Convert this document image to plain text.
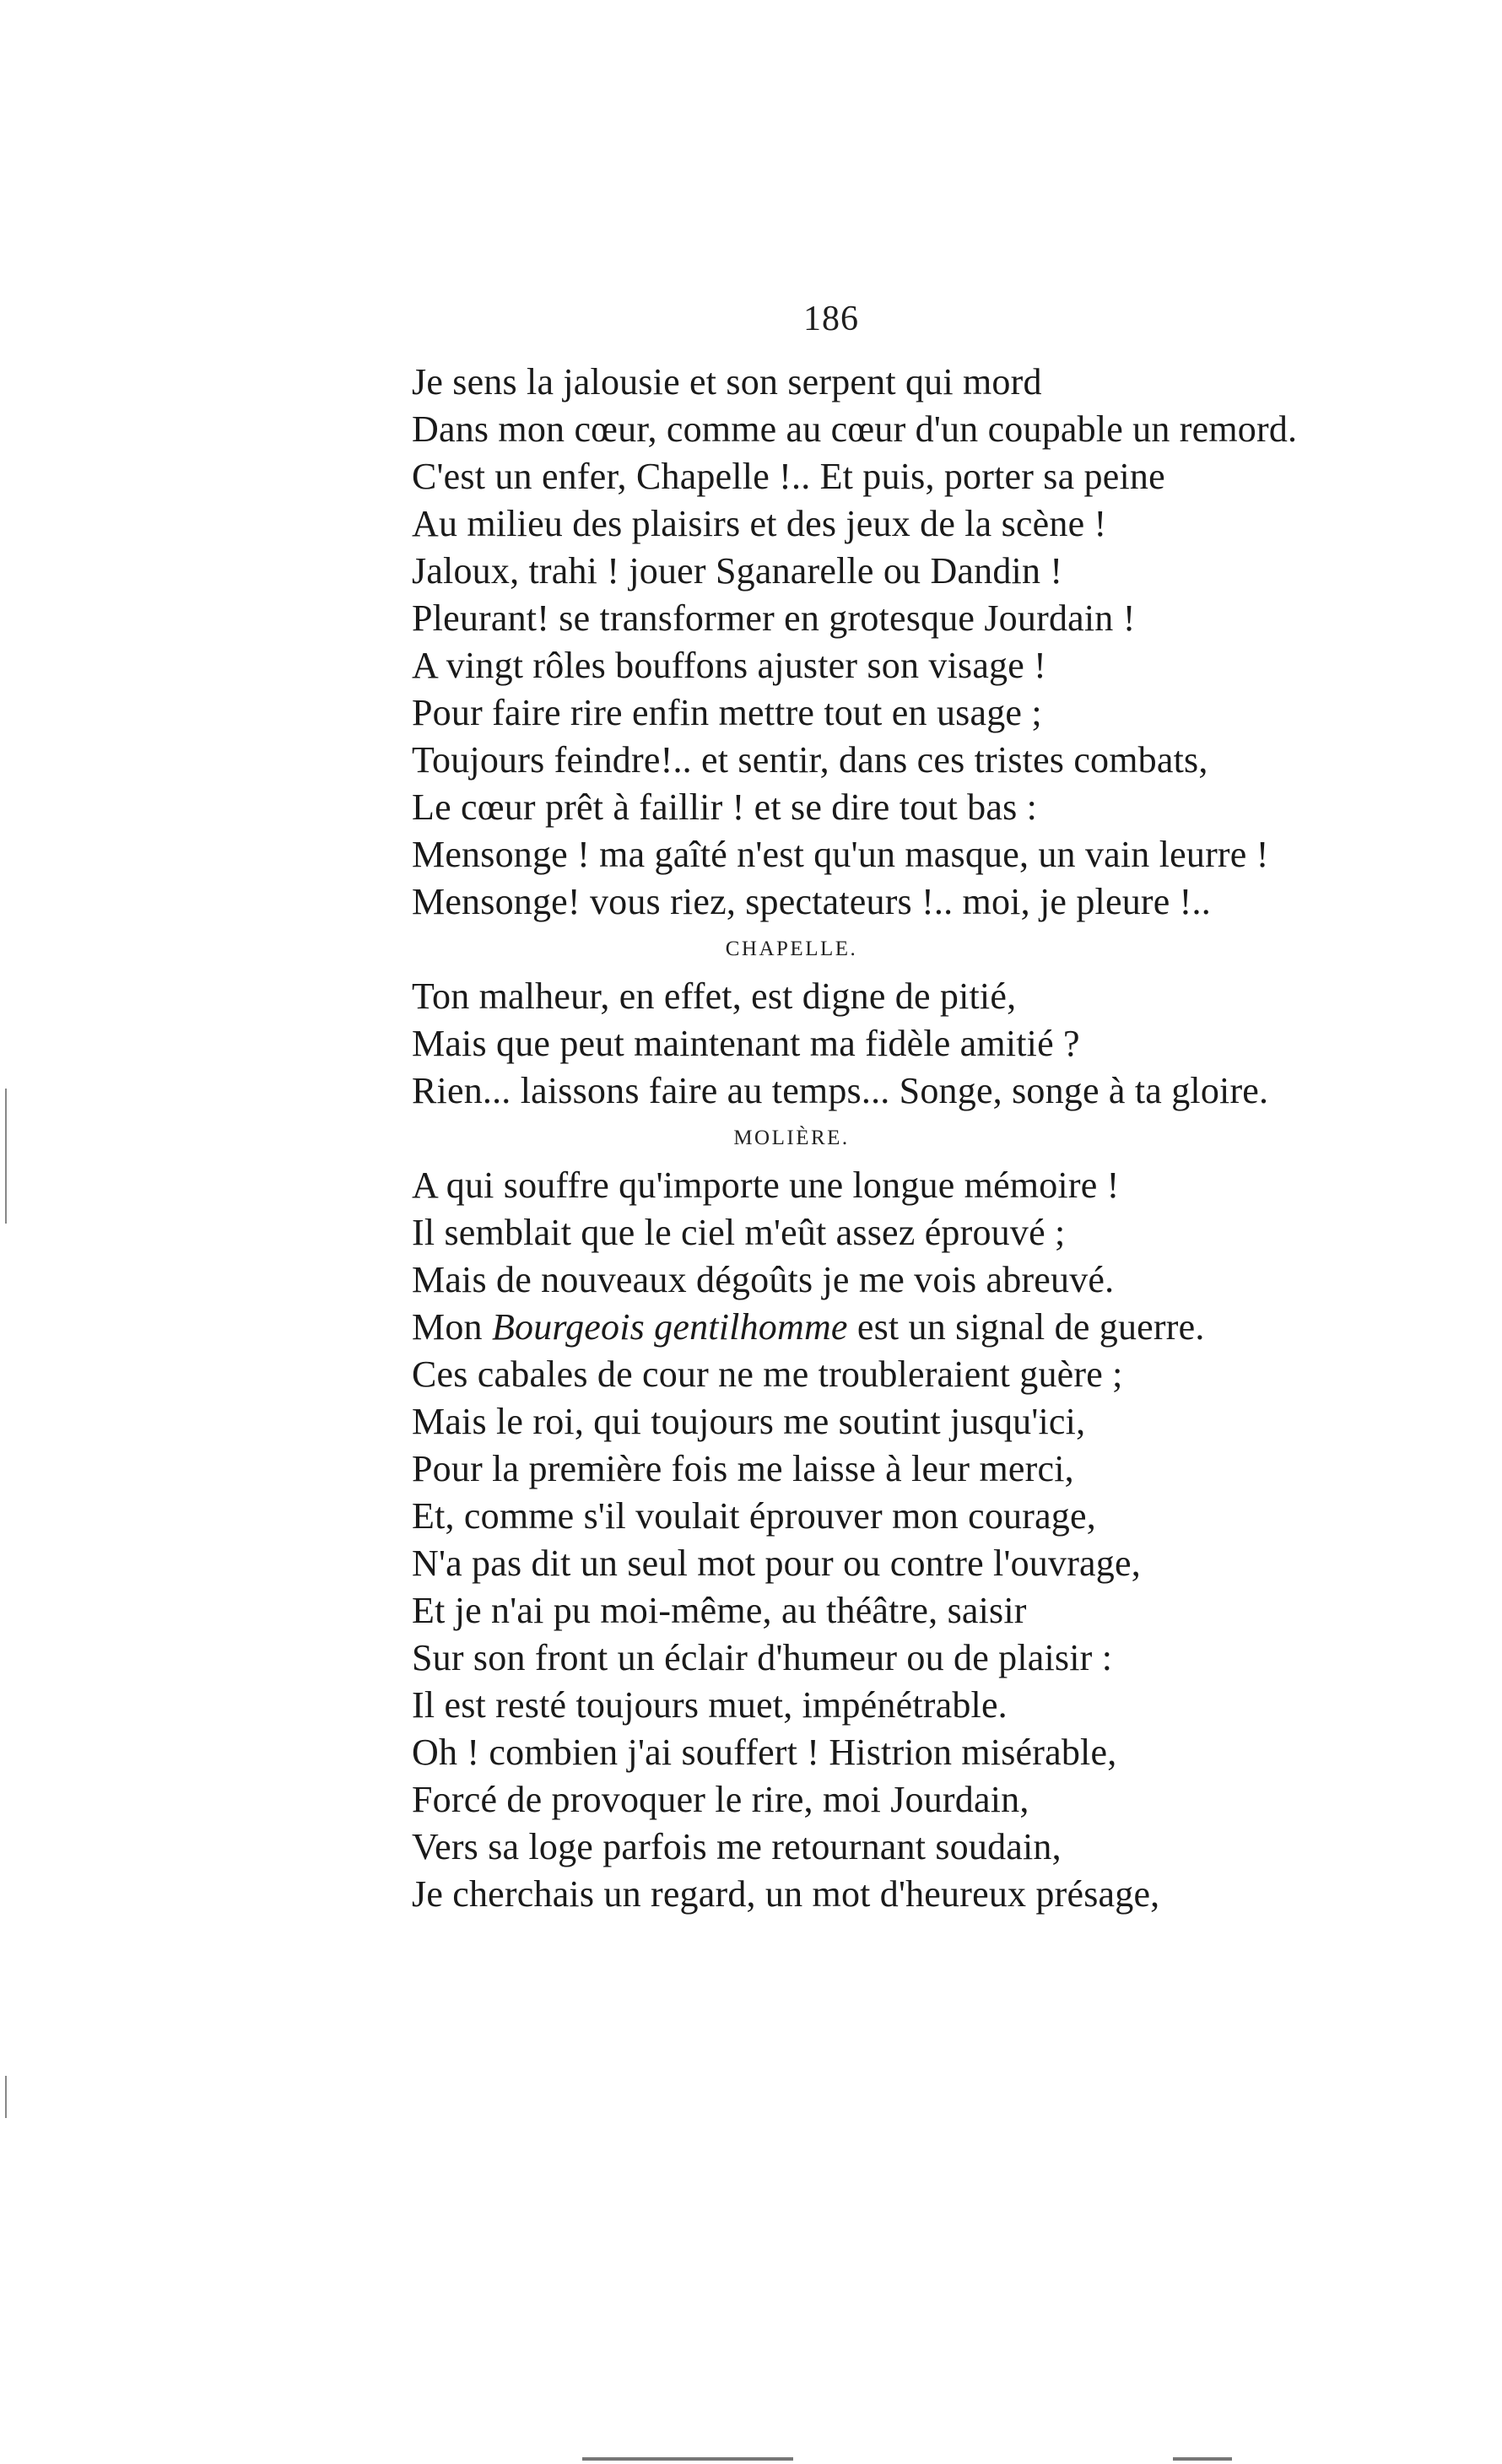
186
Je sens la jalousie et son serpent qui mord
Dans mon cœur, comme au cœur d'un coupable un remord.
C'est un enfer, Chapelle !.. Et puis, porter sa peine
Au milieu des plaisirs et des jeux de la scène !
Jaloux, trahi ! jouer Sganarelle ou Dandin !
Pleurant! se transformer en grotesque Jourdain !
A vingt rôles bouffons ajuster son visage !
Pour faire rire enfin mettre tout en usage ;
Toujours feindre!.. et sentir, dans ces tristes combats,
Le cœur prêt à faillir ! et se dire tout bas :
Mensonge ! ma gaîté n'est qu'un masque, un vain leurre !
Mensonge! vous riez, spectateurs !.. moi, je pleure !..
CHAPELLE.
Ton malheur, en effet, est digne de pitié,
Mais que peut maintenant ma fidèle amitié ?
Rien... laissons faire au temps... Songe, songe à ta gloire.
MOLIÈRE.
A qui souffre qu'importe une longue mémoire !
Il semblait que le ciel m'eût assez éprouvé ;
Mais de nouveaux dégoûts je me vois abreuvé.
Mon Bourgeois gentilhomme est un signal de guerre.
Ces cabales de cour ne me troubleraient guère ;
Mais le roi, qui toujours me soutint jusqu'ici,
Pour la première fois me laisse à leur merci,
Et, comme s'il voulait éprouver mon courage,
N'a pas dit un seul mot pour ou contre l'ouvrage,
Et je n'ai pu moi-même, au théâtre, saisir
Sur son front un éclair d'humeur ou de plaisir :
Il est resté toujours muet, impénétrable.
Oh ! combien j'ai souffert ! Histrion misérable,
Forcé de provoquer le rire, moi Jourdain,
Vers sa loge parfois me retournant soudain,
Je cherchais un regard, un mot d'heureux présage,
